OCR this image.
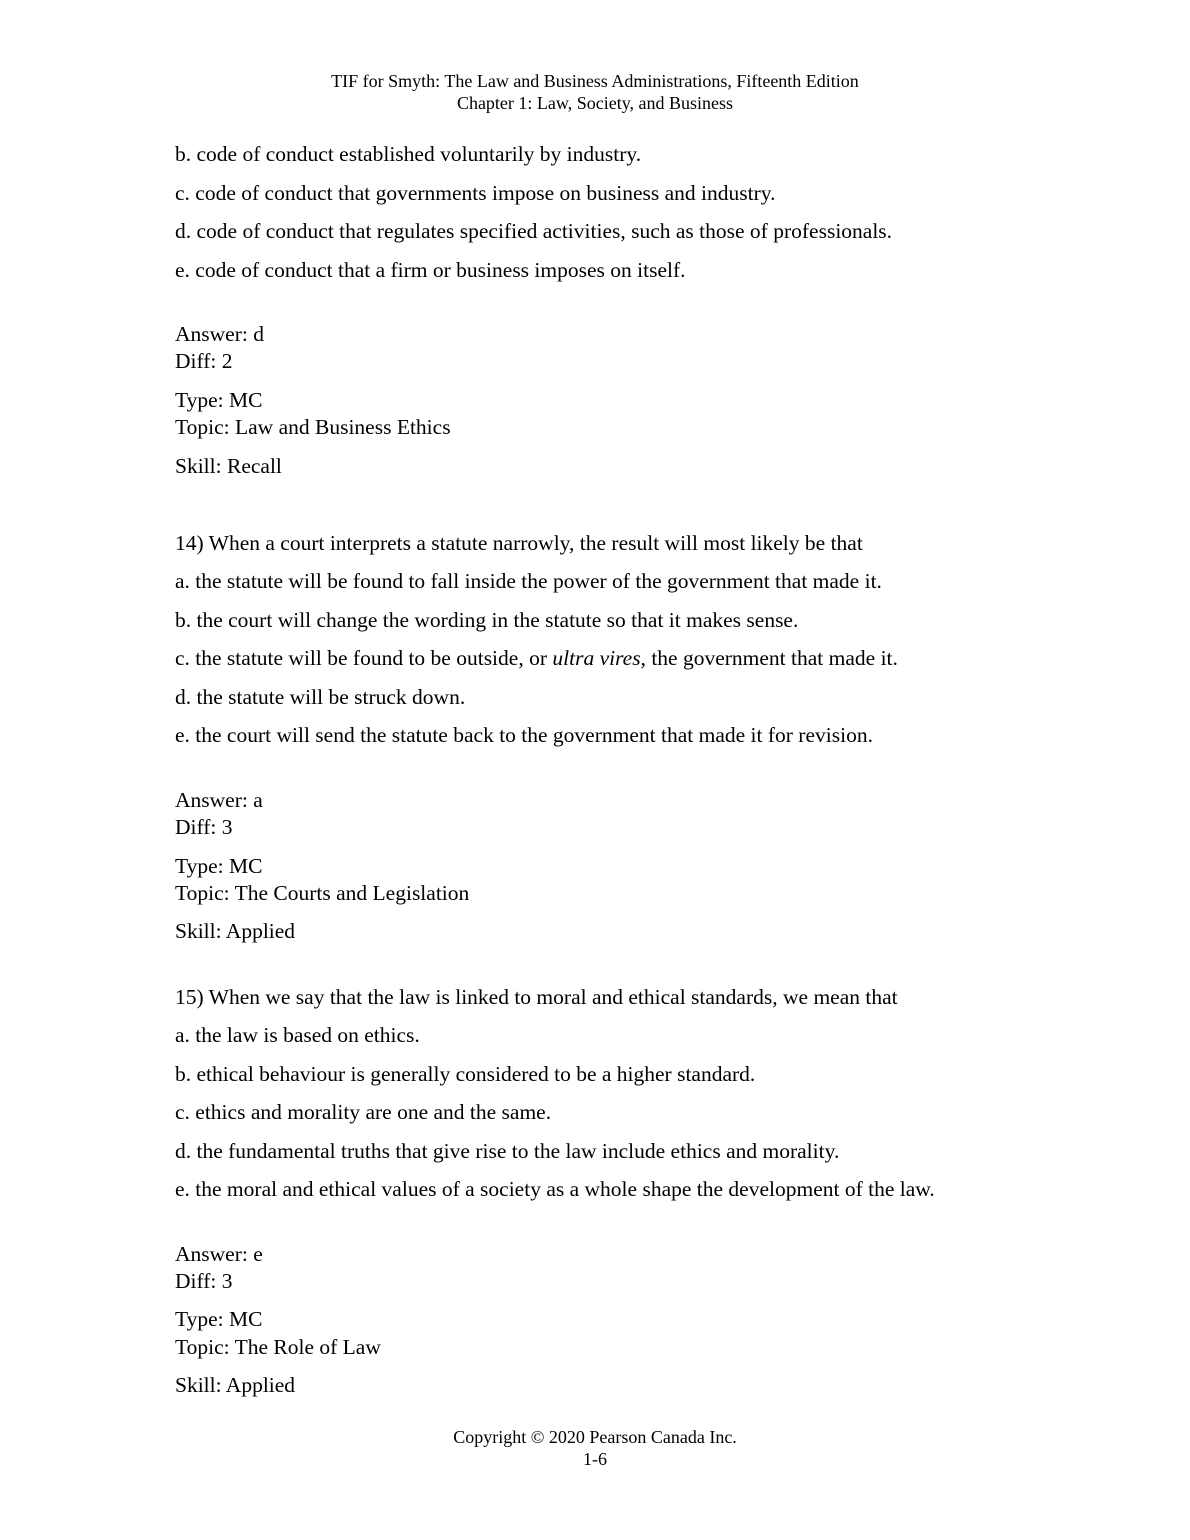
TIF for Smyth: The Law and Business Administrations, Fifteenth Edition
Chapter 1: Law, Society, and Business
b. code of conduct established voluntarily by industry.
c. code of conduct that governments impose on business and industry.
d. code of conduct that regulates specified activities, such as those of professionals.
e. code of conduct that a firm or business imposes on itself.
Answer: d
Diff: 2
Type: MC
Topic: Law and Business Ethics
Skill: Recall
14) When a court interprets a statute narrowly, the result will most likely be that
a. the statute will be found to fall inside the power of the government that made it.
b. the court will change the wording in the statute so that it makes sense.
c. the statute will be found to be outside, or ultra vires, the government that made it.
d. the statute will be struck down.
e. the court will send the statute back to the government that made it for revision.
Answer: a
Diff: 3
Type: MC
Topic: The Courts and Legislation
Skill: Applied
15) When we say that the law is linked to moral and ethical standards, we mean that
a. the law is based on ethics.
b. ethical behaviour is generally considered to be a higher standard.
c. ethics and morality are one and the same.
d. the fundamental truths that give rise to the law include ethics and morality.
e. the moral and ethical values of a society as a whole shape the development of the law.
Answer: e
Diff: 3
Type: MC
Topic: The Role of Law
Skill: Applied
Copyright © 2020 Pearson Canada Inc.
1-6
